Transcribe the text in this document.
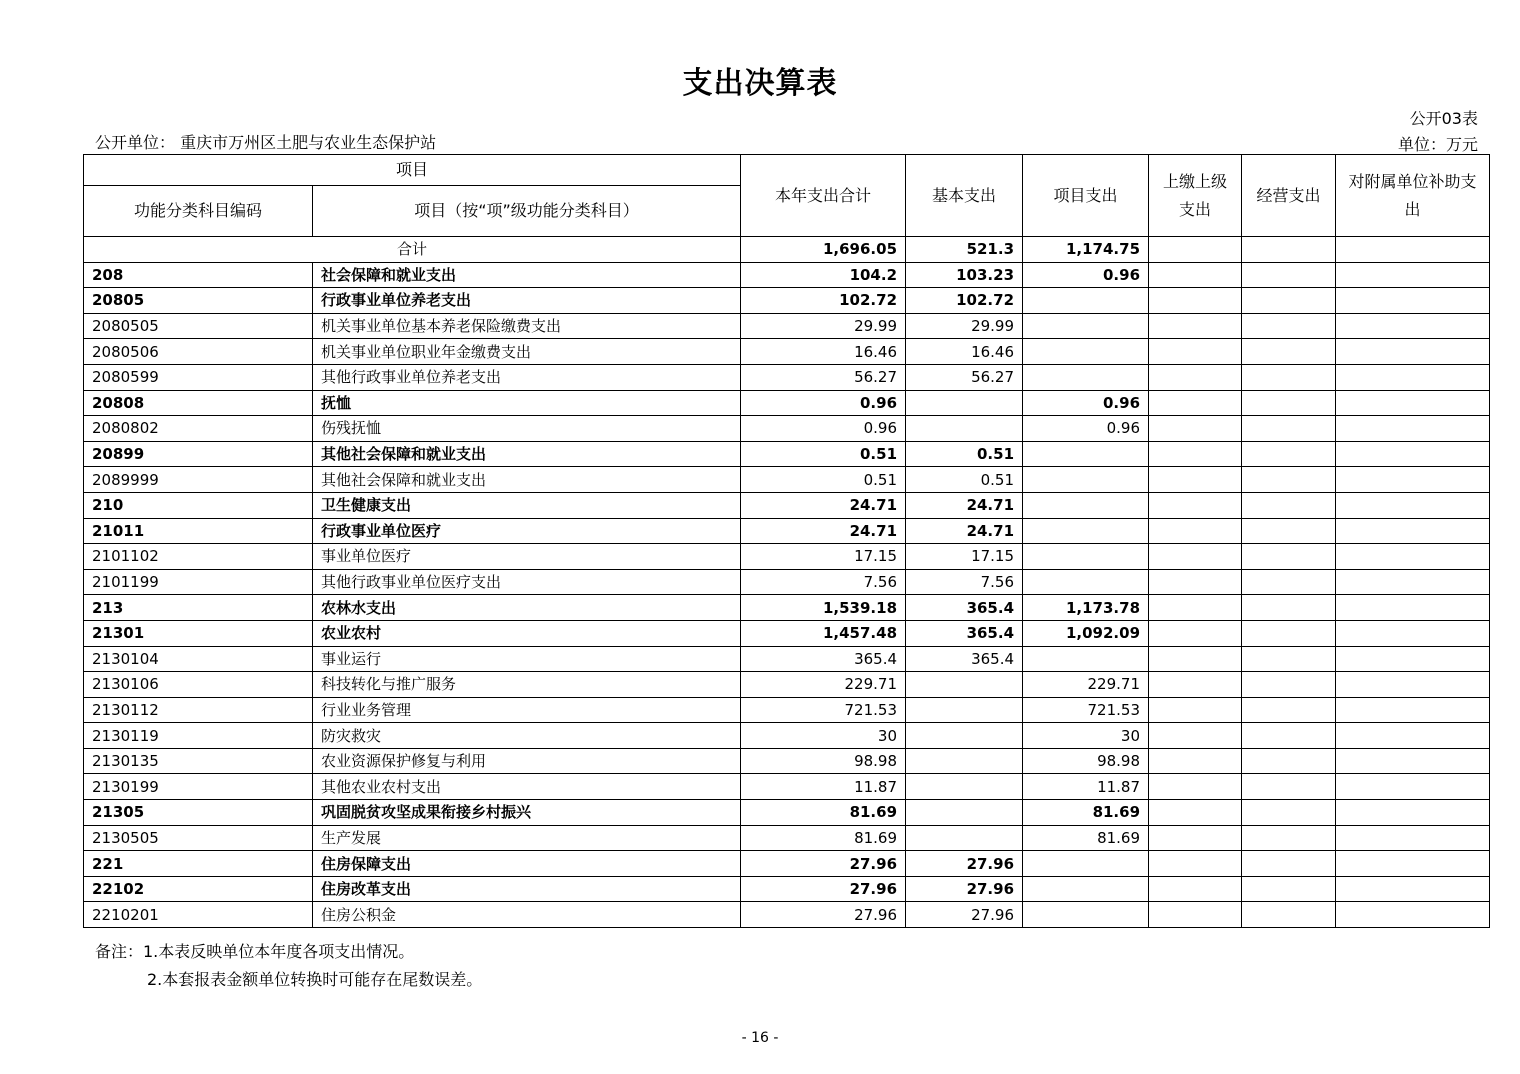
支出决算表
公开03表
公开单位： 重庆市万州区土肥与农业生态保护站	单位：万元
项目		本年支出合计	基本支出	项目支出	上缴上级支出	经营支出	对附属单位补助支出
功能分类科目编码	项目（按“项”级功能分类科目）						
合计		1,696.05	521.3	1,174.75			
208	社会保障和就业支出	104.2	103.23	0.96			
20805	行政事业单位养老支出	102.72	102.72				
2080505	机关事业单位基本养老保险缴费支出	29.99	29.99				
2080506	机关事业单位职业年金缴费支出	16.46	16.46				
2080599	其他行政事业单位养老支出	56.27	56.27				
20808	抚恤	0.96		0.96			
2080802	伤残抚恤	0.96		0.96			
20899	其他社会保障和就业支出	0.51	0.51				
2089999	其他社会保障和就业支出	0.51	0.51				
210	卫生健康支出	24.71	24.71				
21011	行政事业单位医疗	24.71	24.71				
2101102	事业单位医疗	17.15	17.15				
2101199	其他行政事业单位医疗支出	7.56	7.56				
213	农林水支出	1,539.18	365.4	1,173.78			
21301	农业农村	1,457.48	365.4	1,092.09			
2130104	事业运行	365.4	365.4				
2130106	科技转化与推广服务	229.71		229.71			
2130112	行业业务管理	721.53		721.53			
2130119	防灾救灾	30		30			
2130135	农业资源保护修复与利用	98.98		98.98			
2130199	其他农业农村支出	11.87		11.87			
21305	巩固脱贫攻坚成果衔接乡村振兴	81.69		81.69			
2130505	生产发展	81.69		81.69			
221	住房保障支出	27.96	27.96				
22102	住房改革支出	27.96	27.96				
2210201	住房公积金	27.96	27.96				
备注：1.本表反映单位本年度各项支出情况。
2.本套报表金额单位转换时可能存在尾数误差。
- 16 -
